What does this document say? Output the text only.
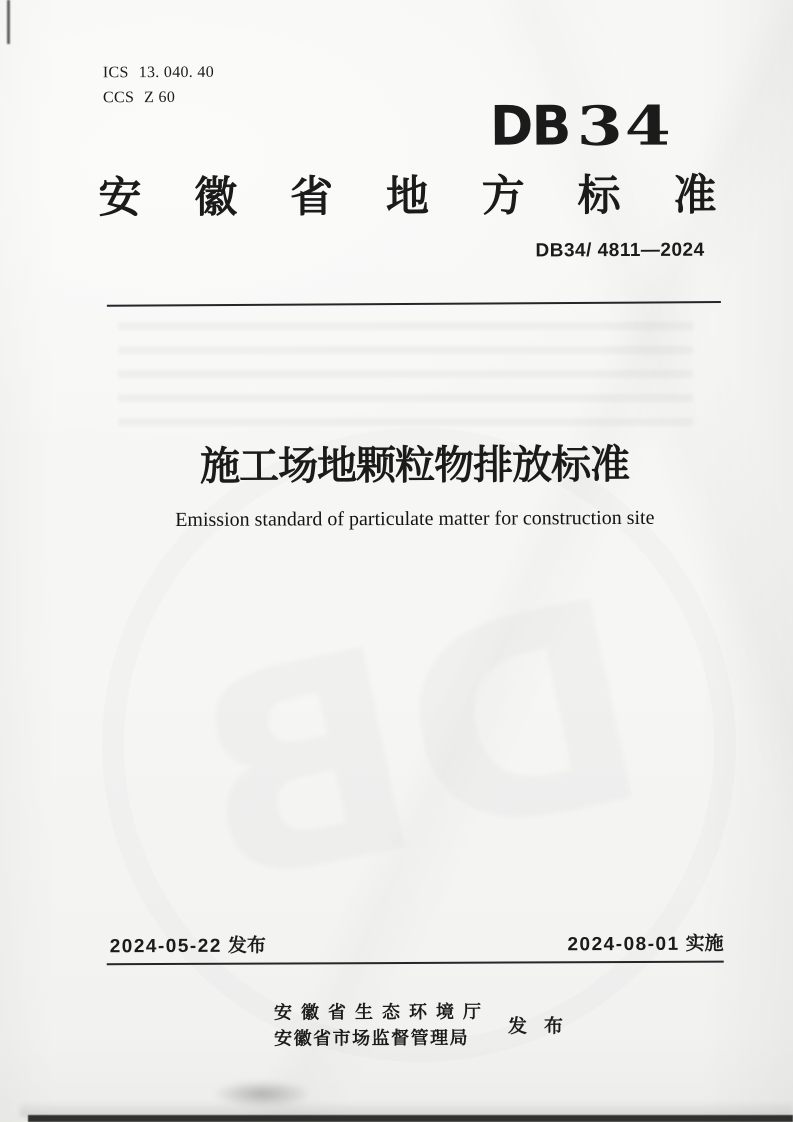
ICS 13. 040. 40
CCS Z 60	DB 34
安 徽 省 地 方 标 准
DB34/ 4811—2024
施工场地颗粒物排放标准
Emission standard of particulate matter for construction site
2024-05-22 发布	2024-08-01 实施
安徽省生态环境厅
安徽省市场监督管理局
发布
